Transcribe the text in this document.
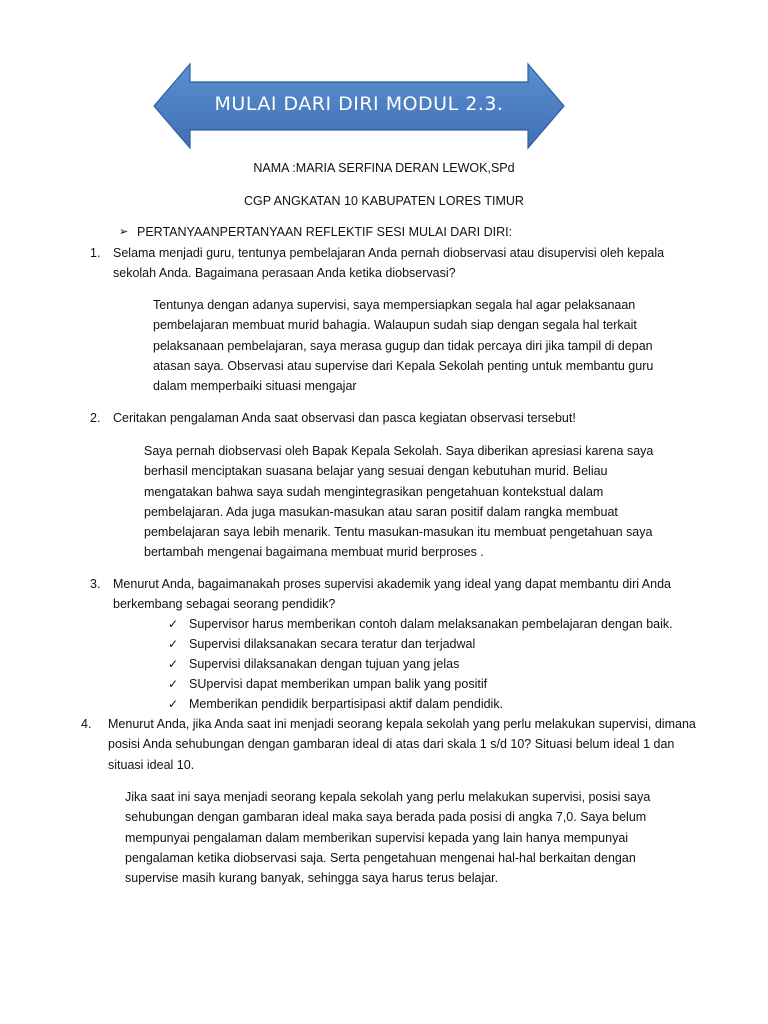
MULAI DARI DIRI MODUL 2.3.
NAMA :MARIA SERFINA DERAN LEWOK,SPd
CGP ANGKATAN 10 KABUPATEN LORES TIMUR
➢ PERTANYAANPERTANYAAN REFLEKTIF SESI MULAI DARI DIRI:
1. Selama menjadi guru, tentunya pembelajaran Anda pernah diobservasi atau disupervisi oleh kepala sekolah Anda. Bagaimana perasaan Anda ketika diobservasi?

Tentunya dengan adanya supervisi, saya mempersiapkan segala hal agar pelaksanaan pembelajaran membuat murid bahagia. Walaupun sudah siap dengan segala hal terkait pelaksanaan pembelajaran, saya merasa gugup dan tidak percaya diri jika tampil di depan atasan saya. Observasi atau supervise dari Kepala Sekolah penting untuk membantu guru dalam memperbaiki situasi mengajar

2. Ceritakan pengalaman Anda saat observasi dan pasca kegiatan observasi tersebut!

Saya pernah diobservasi oleh Bapak Kepala Sekolah. Saya diberikan apresiasi karena saya berhasil menciptakan suasana belajar yang sesuai dengan kebutuhan murid. Beliau mengatakan bahwa saya sudah mengintegrasikan pengetahuan kontekstual dalam pembelajaran. Ada juga masukan-masukan atau saran positif dalam rangka membuat pembelajaran saya lebih menarik. Tentu masukan-masukan itu membuat pengetahuan saya bertambah mengenai bagaimana membuat murid berproses .

3. Menurut Anda, bagaimanakah proses supervisi akademik yang ideal yang dapat membantu diri Anda berkembang sebagai seorang pendidik?

✓ Supervisor harus memberikan contoh dalam melaksanakan pembelajaran dengan baik.
✓ Supervisi dilaksanakan secara teratur dan terjadwal
✓ Supervisi dilaksanakan dengan tujuan yang jelas
✓ SUpervisi dapat memberikan umpan balik yang positif
✓ Memberikan pendidik berpartisipasi aktif dalam pendidik.
4. Menurut Anda, jika Anda saat ini menjadi seorang kepala sekolah yang perlu melakukan supervisi, dimana posisi Anda sehubungan dengan gambaran ideal di atas dari skala 1 s/d 10? Situasi belum ideal 1 dan situasi ideal 10.

Jika saat ini saya menjadi seorang kepala sekolah yang perlu melakukan supervisi, posisi saya sehubungan dengan gambaran ideal maka saya berada pada posisi di angka 7,0. Saya belum mempunyai pengalaman dalam memberikan supervisi kepada yang lain hanya mempunyai pengalaman ketika diobservasi saja. Serta pengetahuan mengenai hal-hal berkaitan dengan supervise masih kurang banyak, sehingga saya harus terus belajar.
